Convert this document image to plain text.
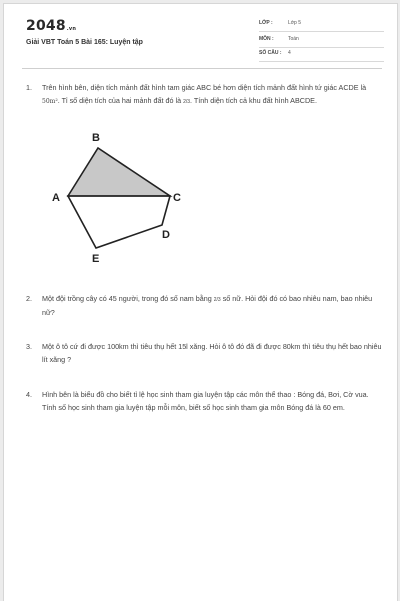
2048.vn
Giải VBT Toán 5 Bài 165: Luyện tập
LỚP :	Lớp 5
MÔN :	Toán
SỐ CÂU : 4
1. Trên hình bên, diện tích mảnh đất hình tam giác ABC bé hơn diện tích mảnh đất hình tứ giác ACDE là 50m². Tỉ số diện tích của hai mảnh đất đó là 2/3. Tính diện tích cả khu đất hình ABCDE.
B
A	C
D
E
2. Một đội trồng cây có 45 người, trong đó số nam bằng 2/3 số nữ. Hỏi đội đó có bao nhiêu nam, bao nhiêu nữ?
3. Một ô tô cứ đi được 100km thì tiêu thụ hết 15l xăng. Hỏi ô tô đó đã đi được 80km thì tiêu thụ hết bao nhiêu lít xăng ?
4. Hình bên là biểu đồ cho biết tỉ lệ học sinh tham gia luyện tập các môn thể thao : Bóng đá, Bơi, Cờ vua. Tính số học sinh tham gia luyện tập mỗi môn, biết số học sinh tham gia môn Bóng đá là 60 em.
